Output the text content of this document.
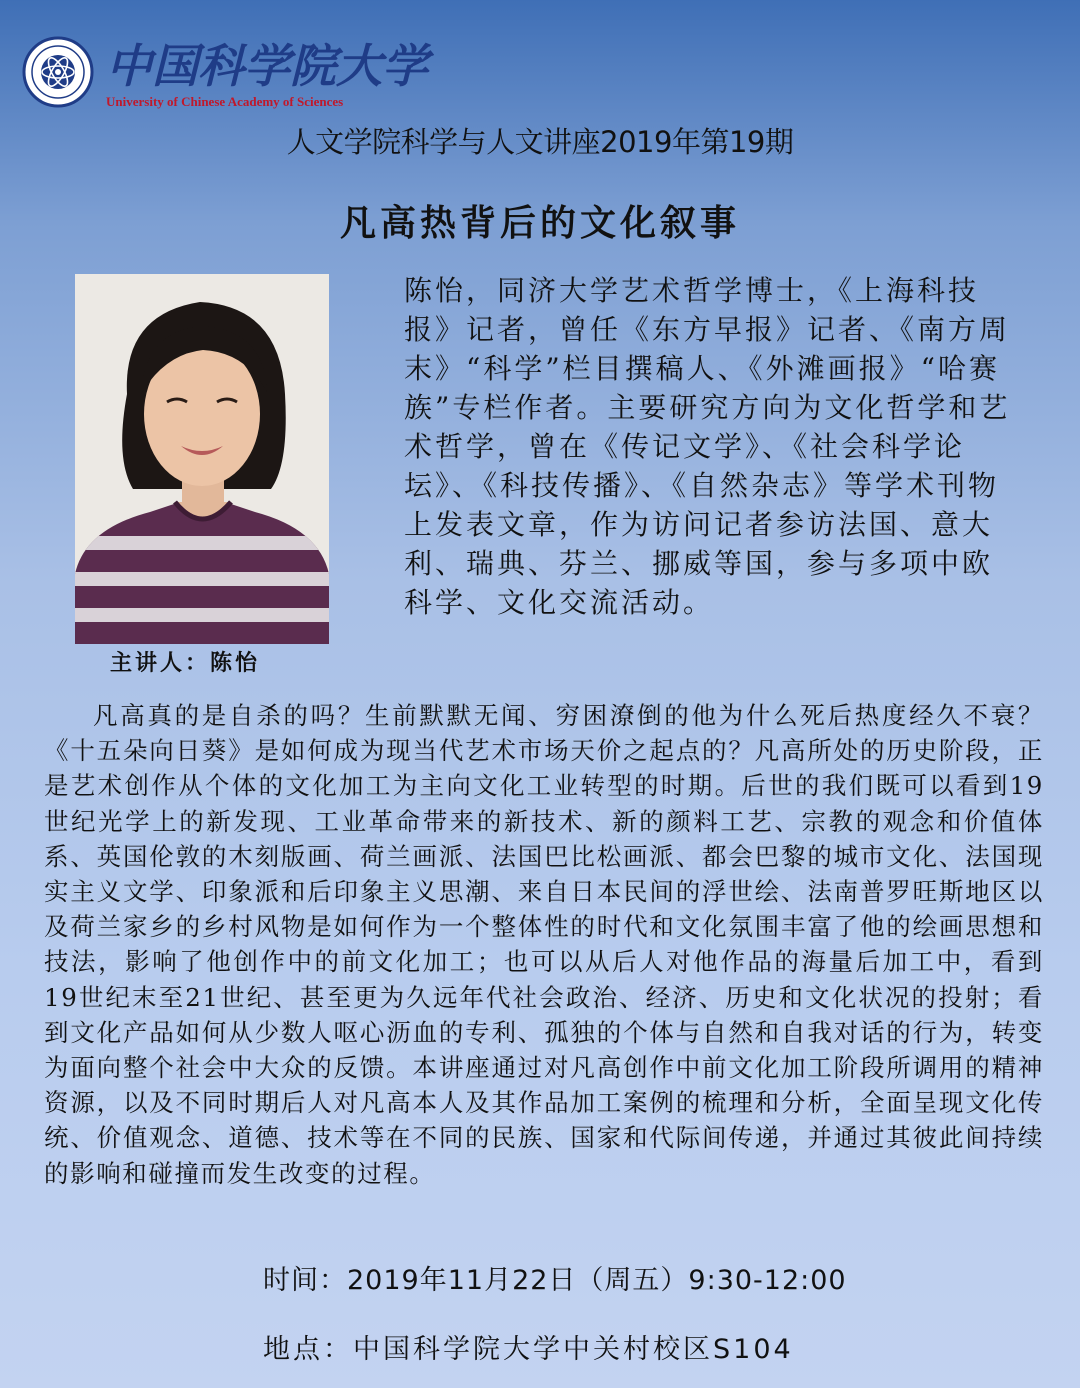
中国科学院大学
University of Chinese Academy of Sciences
人文学院科学与人文讲座2019年第19期
凡高热背后的文化叙事
主讲人：陈怡
陈怡，同济大学艺术哲学博士，《上海科技报》记者，曾任《东方早报》记者、《南方周末》“科学”栏目撰稿人、《外滩画报》“哈赛族”专栏作者。主要研究方向为文化哲学和艺术哲学，曾在《传记文学》、《社会科学论坛》、《科技传播》、《自然杂志》等学术刊物上发表文章，作为访问记者参访法国、意大利、瑞典、芬兰、挪威等国，参与多项中欧科学、文化交流活动。
凡高真的是自杀的吗？生前默默无闻、穷困潦倒的他为什么死后热度经久不衰？《十五朵向日葵》是如何成为现当代艺术市场天价之起点的？凡高所处的历史阶段，正是艺术创作从个体的文化加工为主向文化工业转型的时期。后世的我们既可以看到19世纪光学上的新发现、工业革命带来的新技术、新的颜料工艺、宗教的观念和价值体系、英国伦敦的木刻版画、荷兰画派、法国巴比松画派、都会巴黎的城市文化、法国现实主义文学、印象派和后印象主义思潮、来自日本民间的浮世绘、法南普罗旺斯地区以及荷兰家乡的乡村风物是如何作为一个整体性的时代和文化氛围丰富了他的绘画思想和技法，影响了他创作中的前文化加工；也可以从后人对他作品的海量后加工中，看到19世纪末至21世纪、甚至更为久远年代社会政治、经济、历史和文化状况的投射；看到文化产品如何从少数人呕心沥血的专利、孤独的个体与自然和自我对话的行为，转变为面向整个社会中大众的反馈。本讲座通过对凡高创作中前文化加工阶段所调用的精神资源，以及不同时期后人对凡高本人及其作品加工案例的梳理和分析，全面呈现文化传统、价值观念、道德、技术等在不同的民族、国家和代际间传递，并通过其彼此间持续的影响和碰撞而发生改变的过程。
时间：2019年11月22日（周五）9:30-12:00
地点：中国科学院大学中关村校区S104
